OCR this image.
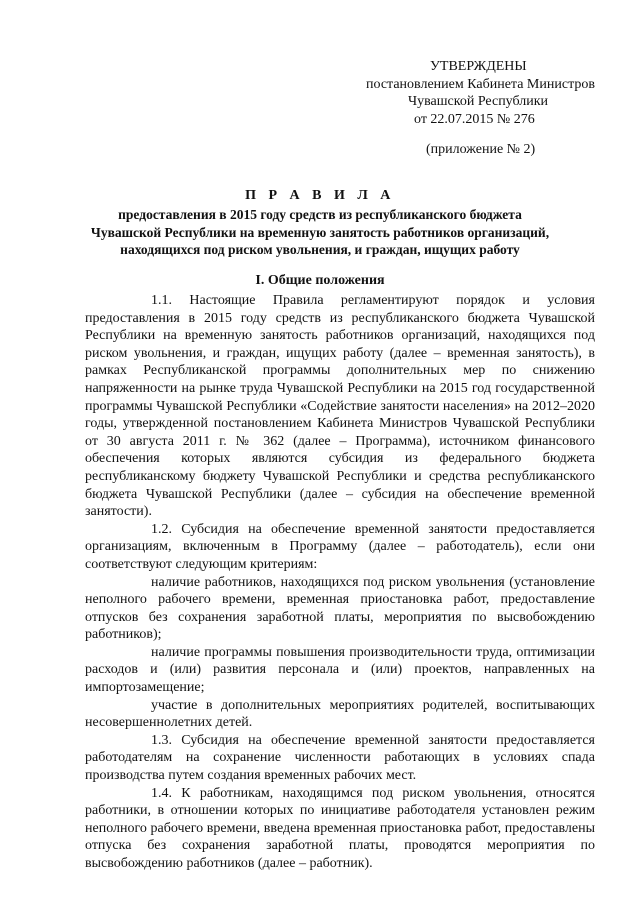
УТВЕРЖДЕНЫ
постановлением Кабинета Министров
Чувашской Республики
от 22.07.2015 № 276
(приложение № 2)
П Р А В И Л А
предоставления в 2015 году средств из республиканского бюджета
Чувашской Республики на временную занятость работников организаций,
находящихся под риском увольнения, и граждан, ищущих работу
I. Общие положения

1.1. Настоящие Правила регламентируют порядок и условия предоставления в 2015 году средств из республиканского бюджета Чувашской Республики на временную занятость работников организаций, находящихся под риском увольнения, и граждан, ищущих работу (далее – временная занятость), в рамках Республиканской программы дополнительных мер по снижению напряженности на рынке труда Чувашской Республики на 2015 год государственной программы Чувашской Республики «Содействие занятости населения» на 2012–2020 годы, утвержденной постановлением Кабинета Министров Чувашской Республики от 30 августа 2011 г. № 362 (далее – Программа), источником финансового обеспечения которых являются субсидия из федерального бюджета республиканскому бюджету Чувашской Республики и средства республиканского бюджета Чувашской Республики (далее – субсидия на обеспечение временной занятости).

1.2. Субсидия на обеспечение временной занятости предоставляется организациям, включенным в Программу (далее – работодатель), если они соответствуют следующим критериям:

наличие работников, находящихся под риском увольнения (установление неполного рабочего времени, временная приостановка работ, предоставление отпусков без сохранения заработной платы, мероприятия по высвобождению работников);

наличие программы повышения производительности труда, оптимизации расходов и (или) развития персонала и (или) проектов, направленных на импортозамещение;

участие в дополнительных мероприятиях родителей, воспитывающих несовершеннолетних детей.

1.3. Субсидия на обеспечение временной занятости предоставляется работодателям на сохранение численности работающих в условиях спада производства путем создания временных рабочих мест.

1.4. К работникам, находящимся под риском увольнения, относятся работники, в отношении которых по инициативе работодателя установлен режим неполного рабочего времени, введена временная приостановка работ, предоставлены отпуска без сохранения заработной платы, проводятся мероприятия по высвобождению работников (далее – работник).
